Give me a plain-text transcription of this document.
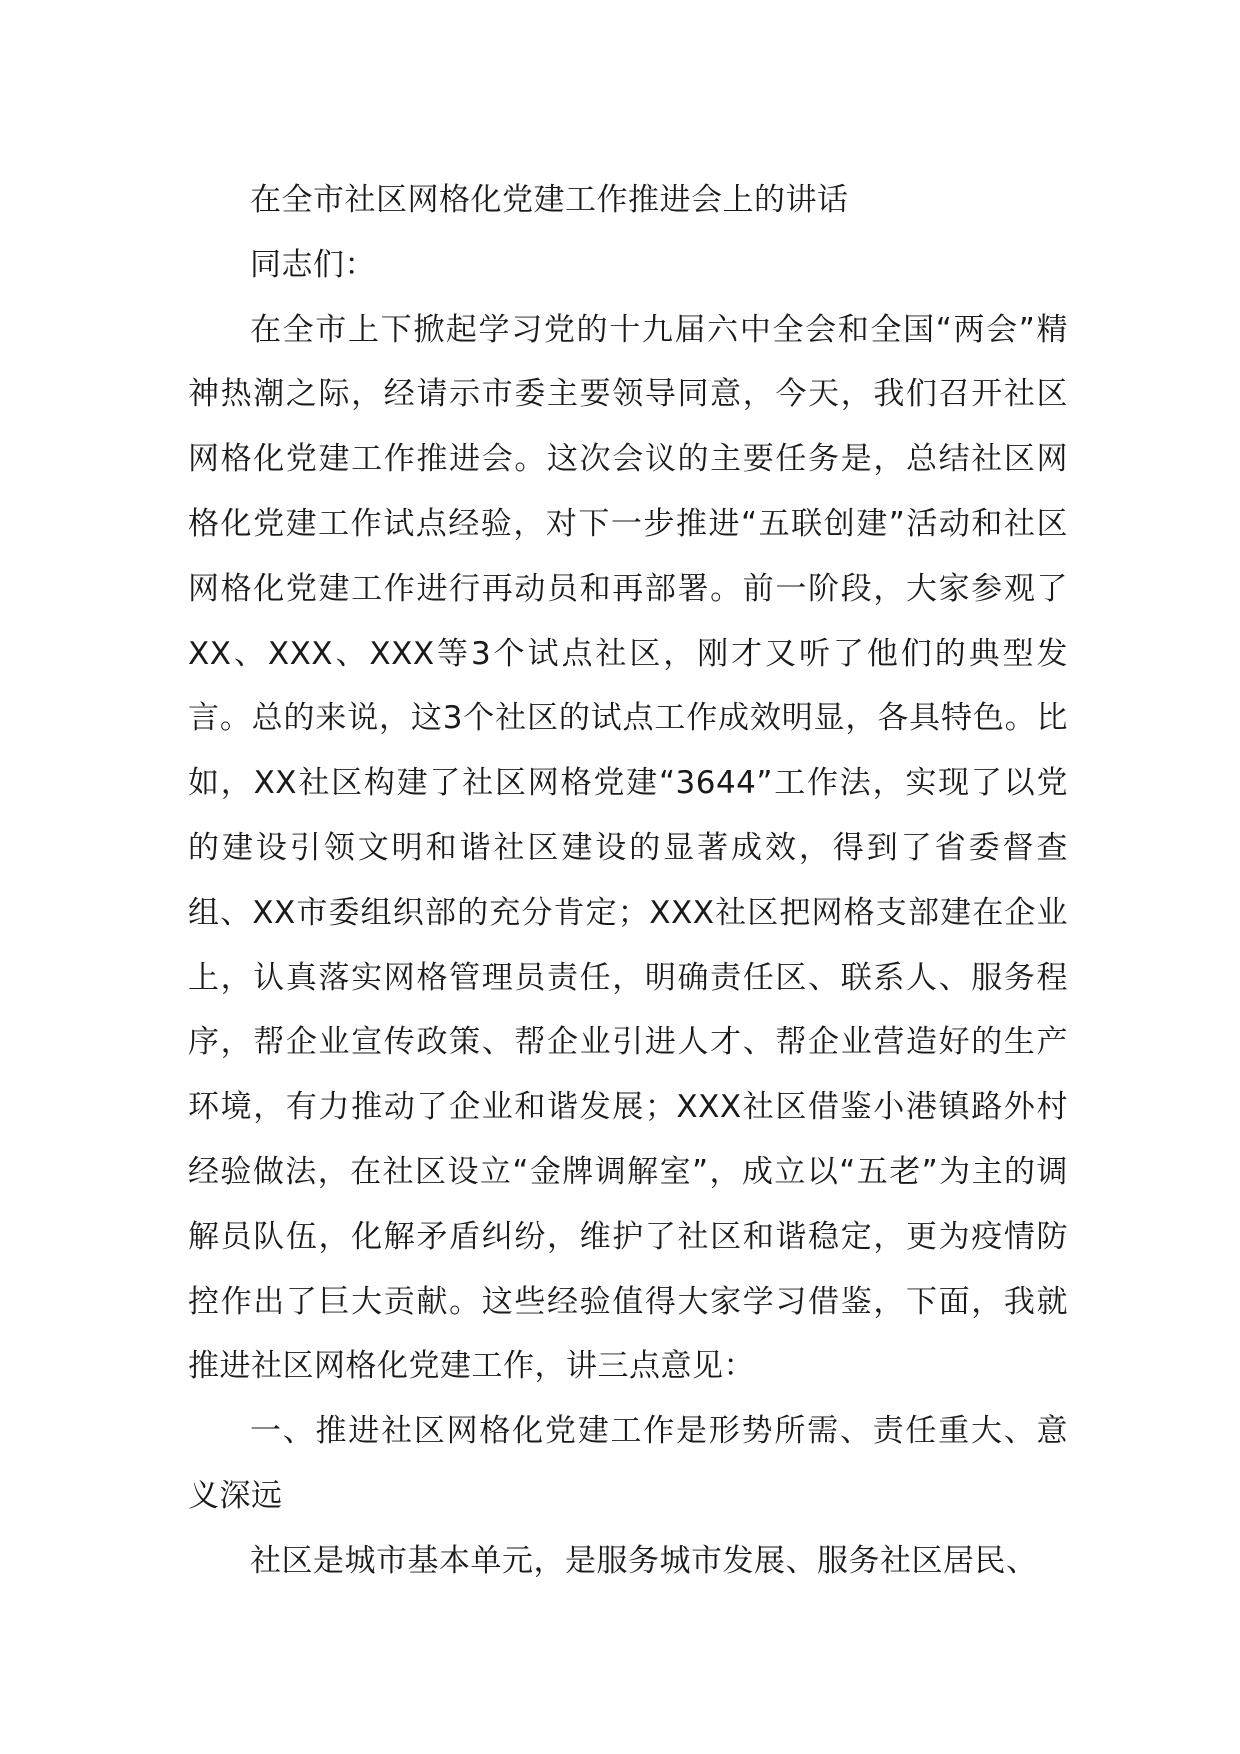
在全市社区网格化党建工作推进会上的讲话

同志们：

在全市上下掀起学习党的十九届六中全会和全国“两会”精神热潮之际，经请示市委主要领导同意，今天，我们召开社区网格化党建工作推进会。这次会议的主要任务是，总结社区网格化党建工作试点经验，对下一步推进“五联创建”活动和社区网格化党建工作进行再动员和再部署。前一阶段，大家参观了XX、XXX、XXX等3个试点社区，刚才又听了他们的典型发言。总的来说，这3个社区的试点工作成效明显，各具特色。比如，XX社区构建了社区网格党建“3644”工作法，实现了以党的建设引领文明和谐社区建设的显著成效，得到了省委督查组、XX市委组织部的充分肯定；XXX社区把网格支部建在企业上，认真落实网格管理员责任，明确责任区、联系人、服务程序，帮企业宣传政策、帮企业引进人才、帮企业营造好的生产环境，有力推动了企业和谐发展；XXX社区借鉴小港镇路外村经验做法，在社区设立“金牌调解室”，成立以“五老”为主的调解员队伍，化解矛盾纠纷，维护了社区和谐稳定，更为疫情防控作出了巨大贡献。这些经验值得大家学习借鉴，下面，我就推进社区网格化党建工作，讲三点意见：

一、推进社区网格化党建工作是形势所需、责任重大、意义深远

社区是城市基本单元，是服务城市发展、服务社区居民、
